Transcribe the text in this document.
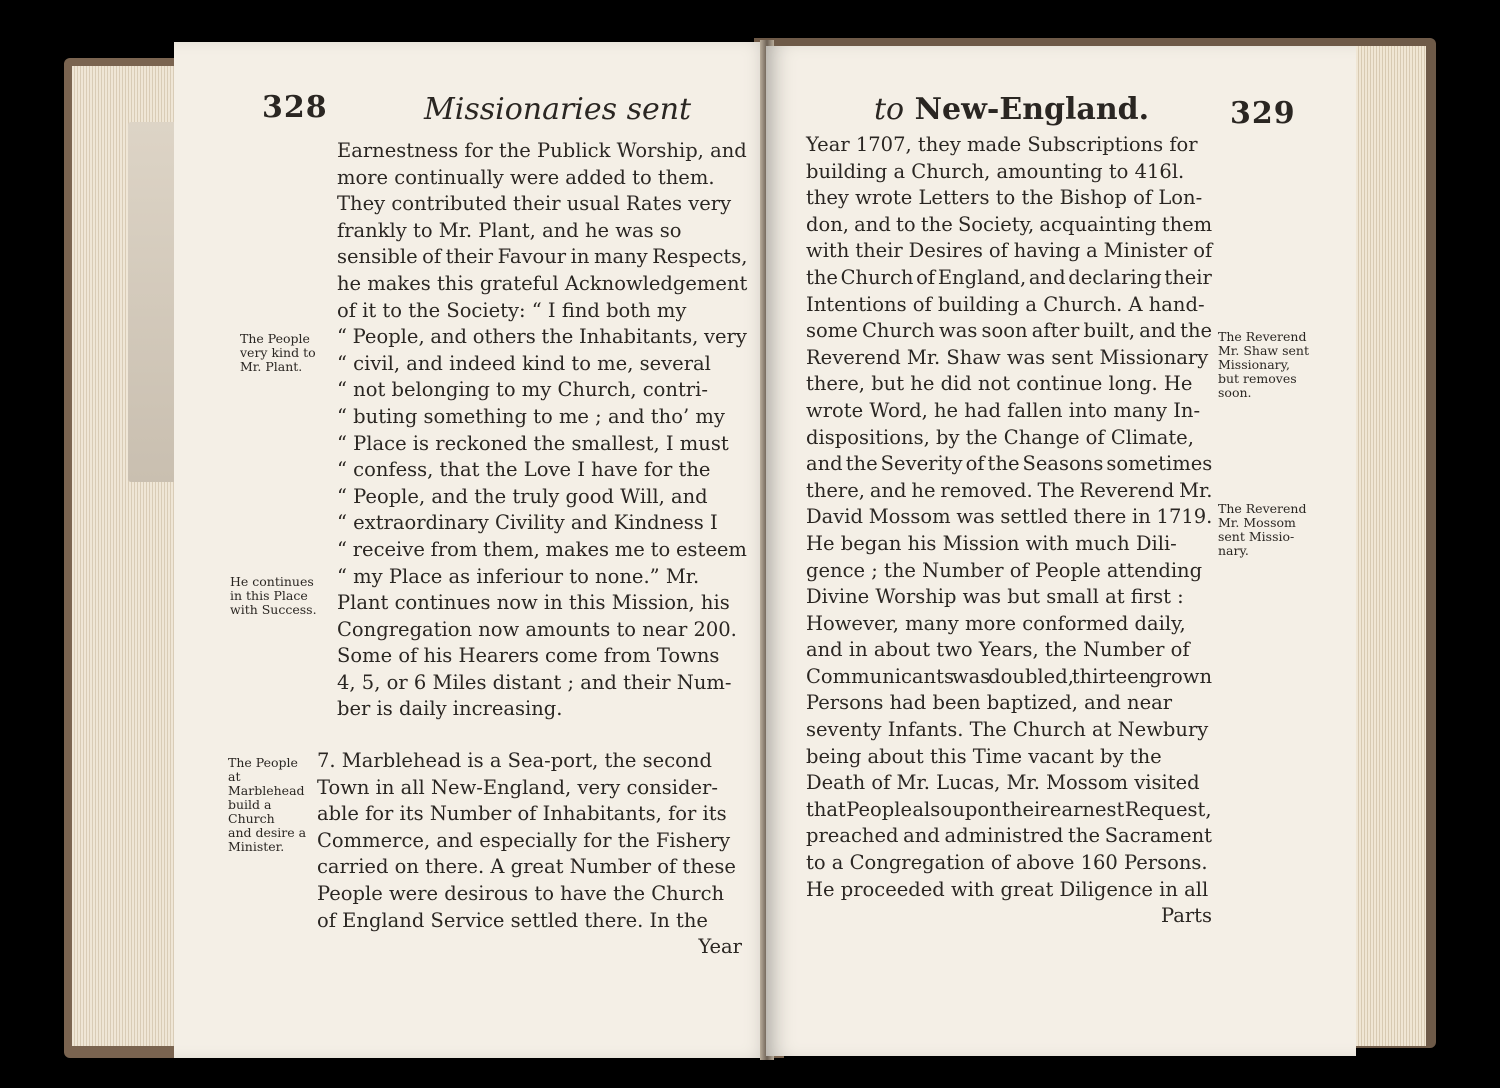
328	Missionaries sent
Earnestness for the Publick Worship, and
more continually were added to them.
They contributed their usual Rates very
frankly to Mr. Plant, and he was so
sensible of their Favour in many Respects,
he makes this grateful Acknowledgement
of it to the Society: “ I find both my
“ People, and others the Inhabitants, very
“ civil, and indeed kind to me, several
“ not belonging to my Church, contri-
“ buting something to me ; and tho’ my
“ Place is reckoned the smallest, I must
“ confess, that the Love I have for the
“ People, and the truly good Will, and
“ extraordinary Civility and Kindness I
“ receive from them, makes me to esteem
“ my Place as inferiour to none.” Mr.
Plant continues now in this Mission, his
Congregation now amounts to near 200.
Some of his Hearers come from Towns
4, 5, or 6 Miles distant ; and their Num-
ber is daily increasing.
7. Marblehead is a Sea-port, the second
Town in all New-England, very consider-
able for its Number of Inhabitants, for its
Commerce, and especially for the Fishery
carried on there. A great Number of these
People were desirous to have the Church
of England Service settled there. In the
Year
The People
very kind to
Mr. Plant.
He continues
in this Place
with Success.
The People
at Marblehead
build a Church
and desire a
Minister.
to New-England.	329
Year 1707, they made Subscriptions for
building a Church, amounting to 416l.
they wrote Letters to the Bishop of Lon-
don, and to the Society, acquainting them
with their Desires of having a Minister of
the Church of England, and declaring their
Intentions of building a Church. A hand-
some Church was soon after built, and the
Reverend Mr. Shaw was sent Missionary
there, but he did not continue long. He
wrote Word, he had fallen into many In-
dispositions, by the Change of Climate,
and the Severity of the Seasons sometimes
there, and he removed. The Reverend Mr.
David Mossom was settled there in 1719.
He began his Mission with much Dili-
gence ; the Number of People attending
Divine Worship was but small at first :
However, many more conformed daily,
and in about two Years, the Number of
Communicants was doubled, thirteen grown
Persons had been baptized, and near
seventy Infants. The Church at Newbury
being about this Time vacant by the
Death of Mr. Lucas, Mr. Mossom visited
that People also upon their earnest Request,
preached and administred the Sacrament
to a Congregation of above 160 Persons.
He proceeded with great Diligence in all
Parts
The Reverend
Mr. Shaw sent
Missionary,
but removes
soon.
The Reverend
Mr. Mossom
sent Missio-
nary.
